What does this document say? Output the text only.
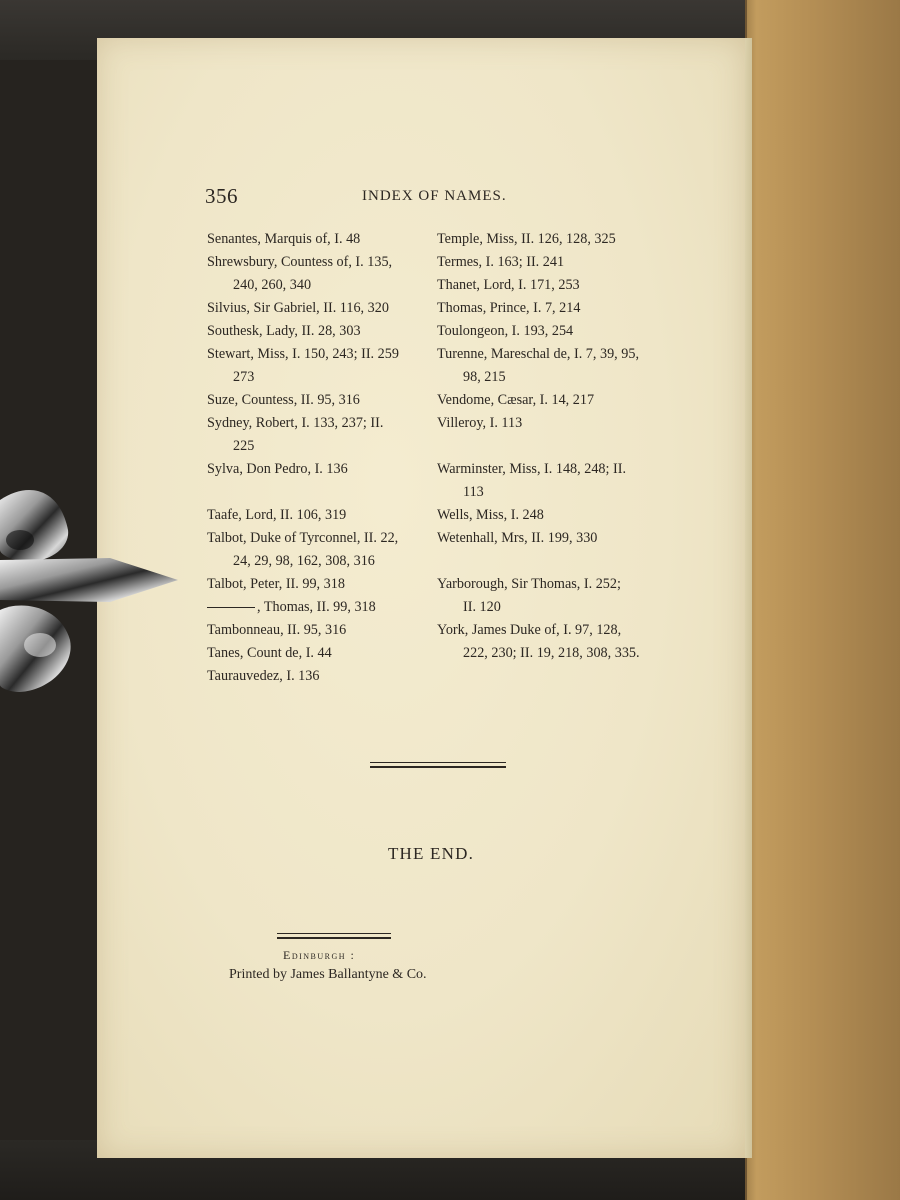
356	INDEX OF NAMES.
Senantes, Marquis of, I. 48
Shrewsbury, Countess of, I. 135,
240, 260, 340
Silvius, Sir Gabriel, II. 116, 320
Southesk, Lady, II. 28, 303
Stewart, Miss, I. 150, 243; II. 259
273
Suze, Countess, II. 95, 316
Sydney, Robert, I. 133, 237; II.
225
Sylva, Don Pedro, I. 136
Taafe, Lord, II. 106, 319
Talbot, Duke of Tyrconnel, II. 22,
24, 29, 98, 162, 308, 316
Talbot, Peter, II. 99, 318
, Thomas, II. 99, 318
Tambonneau, II. 95, 316
Tanes, Count de, I. 44
Taurauvedez, I. 136
Temple, Miss, II. 126, 128, 325
Termes, I. 163; II. 241
Thanet, Lord, I. 171, 253
Thomas, Prince, I. 7, 214
Toulongeon, I. 193, 254
Turenne, Mareschal de, I. 7, 39, 95,
98, 215
Vendome, Cæsar, I. 14, 217
Villeroy, I. 113
Warminster, Miss, I. 148, 248; II.
113
Wells, Miss, I. 248
Wetenhall, Mrs, II. 199, 330
Yarborough, Sir Thomas, I. 252;
II. 120
York, James Duke of, I. 97, 128,
222, 230; II. 19, 218, 308, 335.
THE END.
Edinburgh :
Printed by James Ballantyne & Co.
